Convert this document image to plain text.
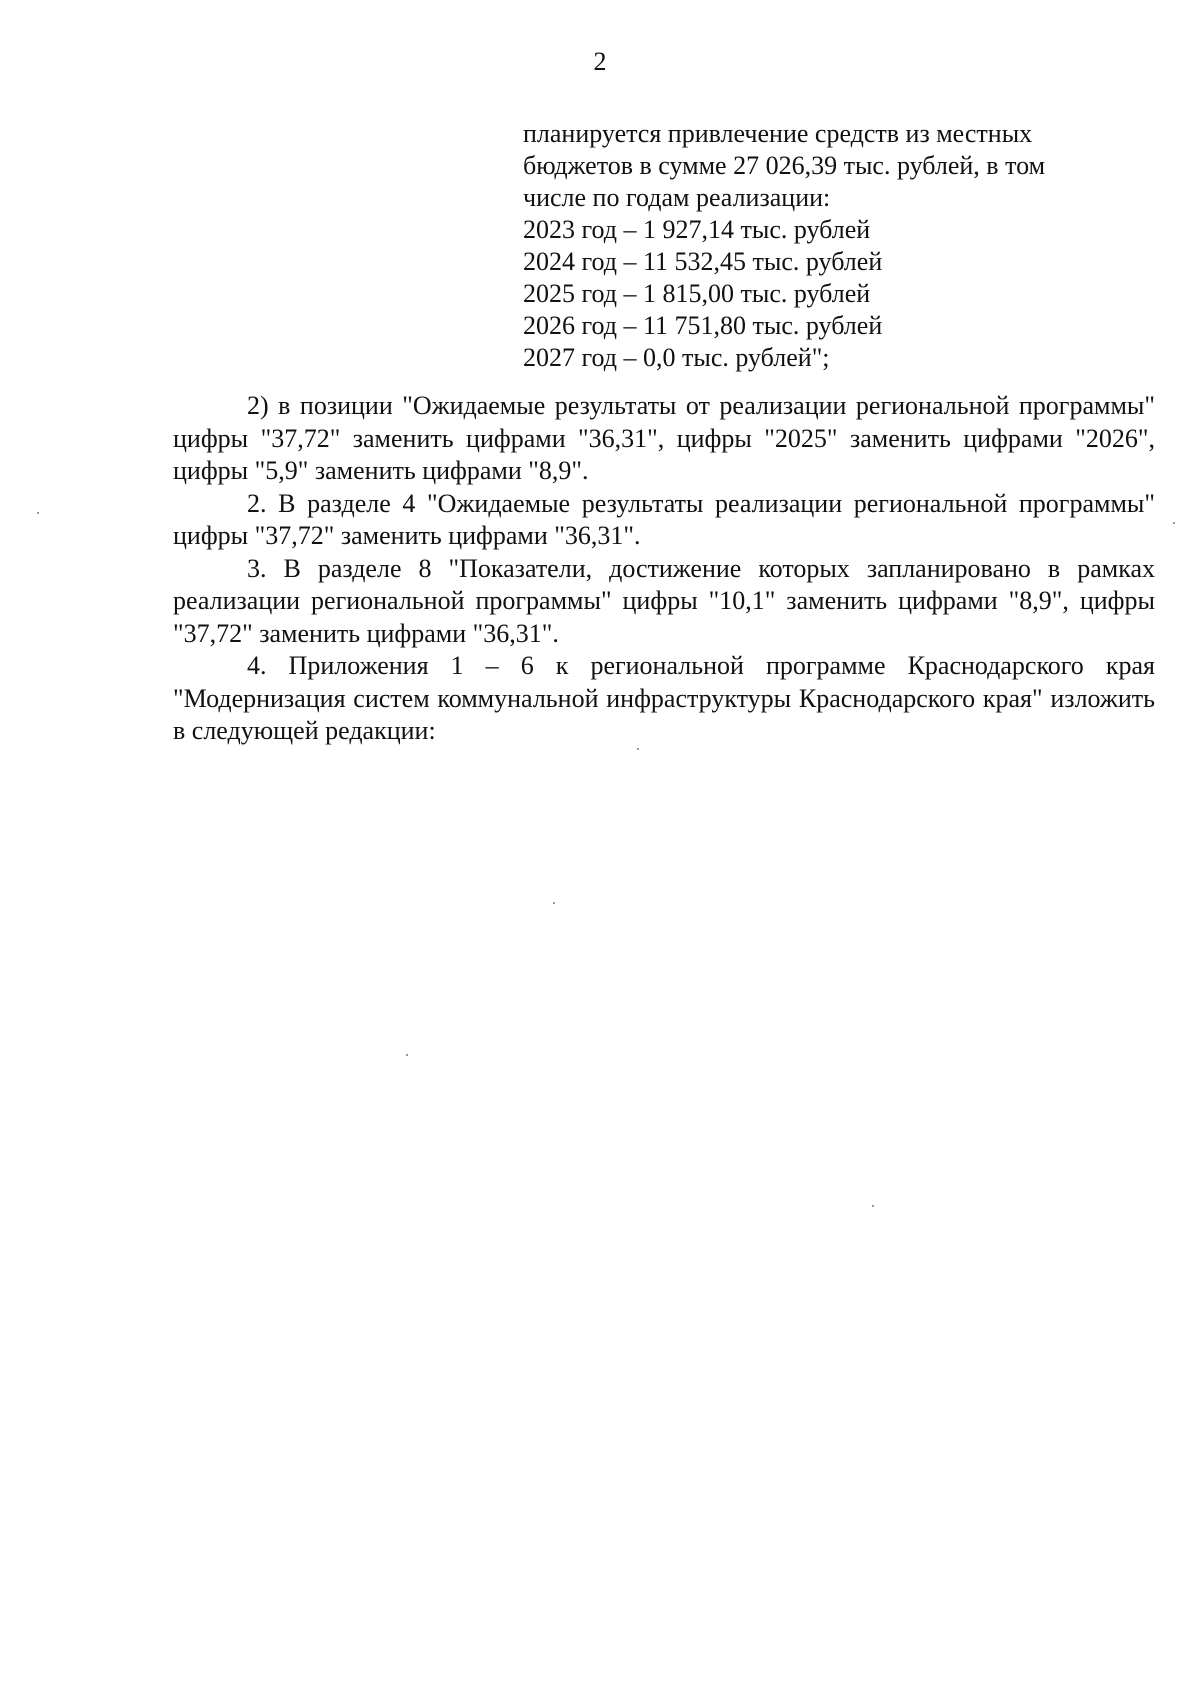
2
планируется привлечение средств из местных
бюджетов в сумме 27 026,39 тыс. рублей, в том
числе по годам реализации:
2023 год – 1 927,14 тыс. рублей
2024 год – 11 532,45 тыс. рублей
2025 год – 1 815,00 тыс. рублей
2026 год – 11 751,80 тыс. рублей
2027 год – 0,0 тыс. рублей";

2) в позиции "Ожидаемые результаты от реализации региональной программы" цифры "37,72" заменить цифрами "36,31", цифры "2025" заменить цифрами "2026", цифры "5,9" заменить цифрами "8,9".

2. В разделе 4 "Ожидаемые результаты реализации региональной программы" цифры "37,72" заменить цифрами "36,31".

3. В разделе 8 "Показатели, достижение которых запланировано в рамках реализации региональной программы" цифры "10,1" заменить цифрами "8,9", цифры "37,72" заменить цифрами "36,31".

4. Приложения 1 – 6 к региональной программе Краснодарского края "Модернизация систем коммунальной инфраструктуры Краснодарского края" изложить в следующей редакции:
